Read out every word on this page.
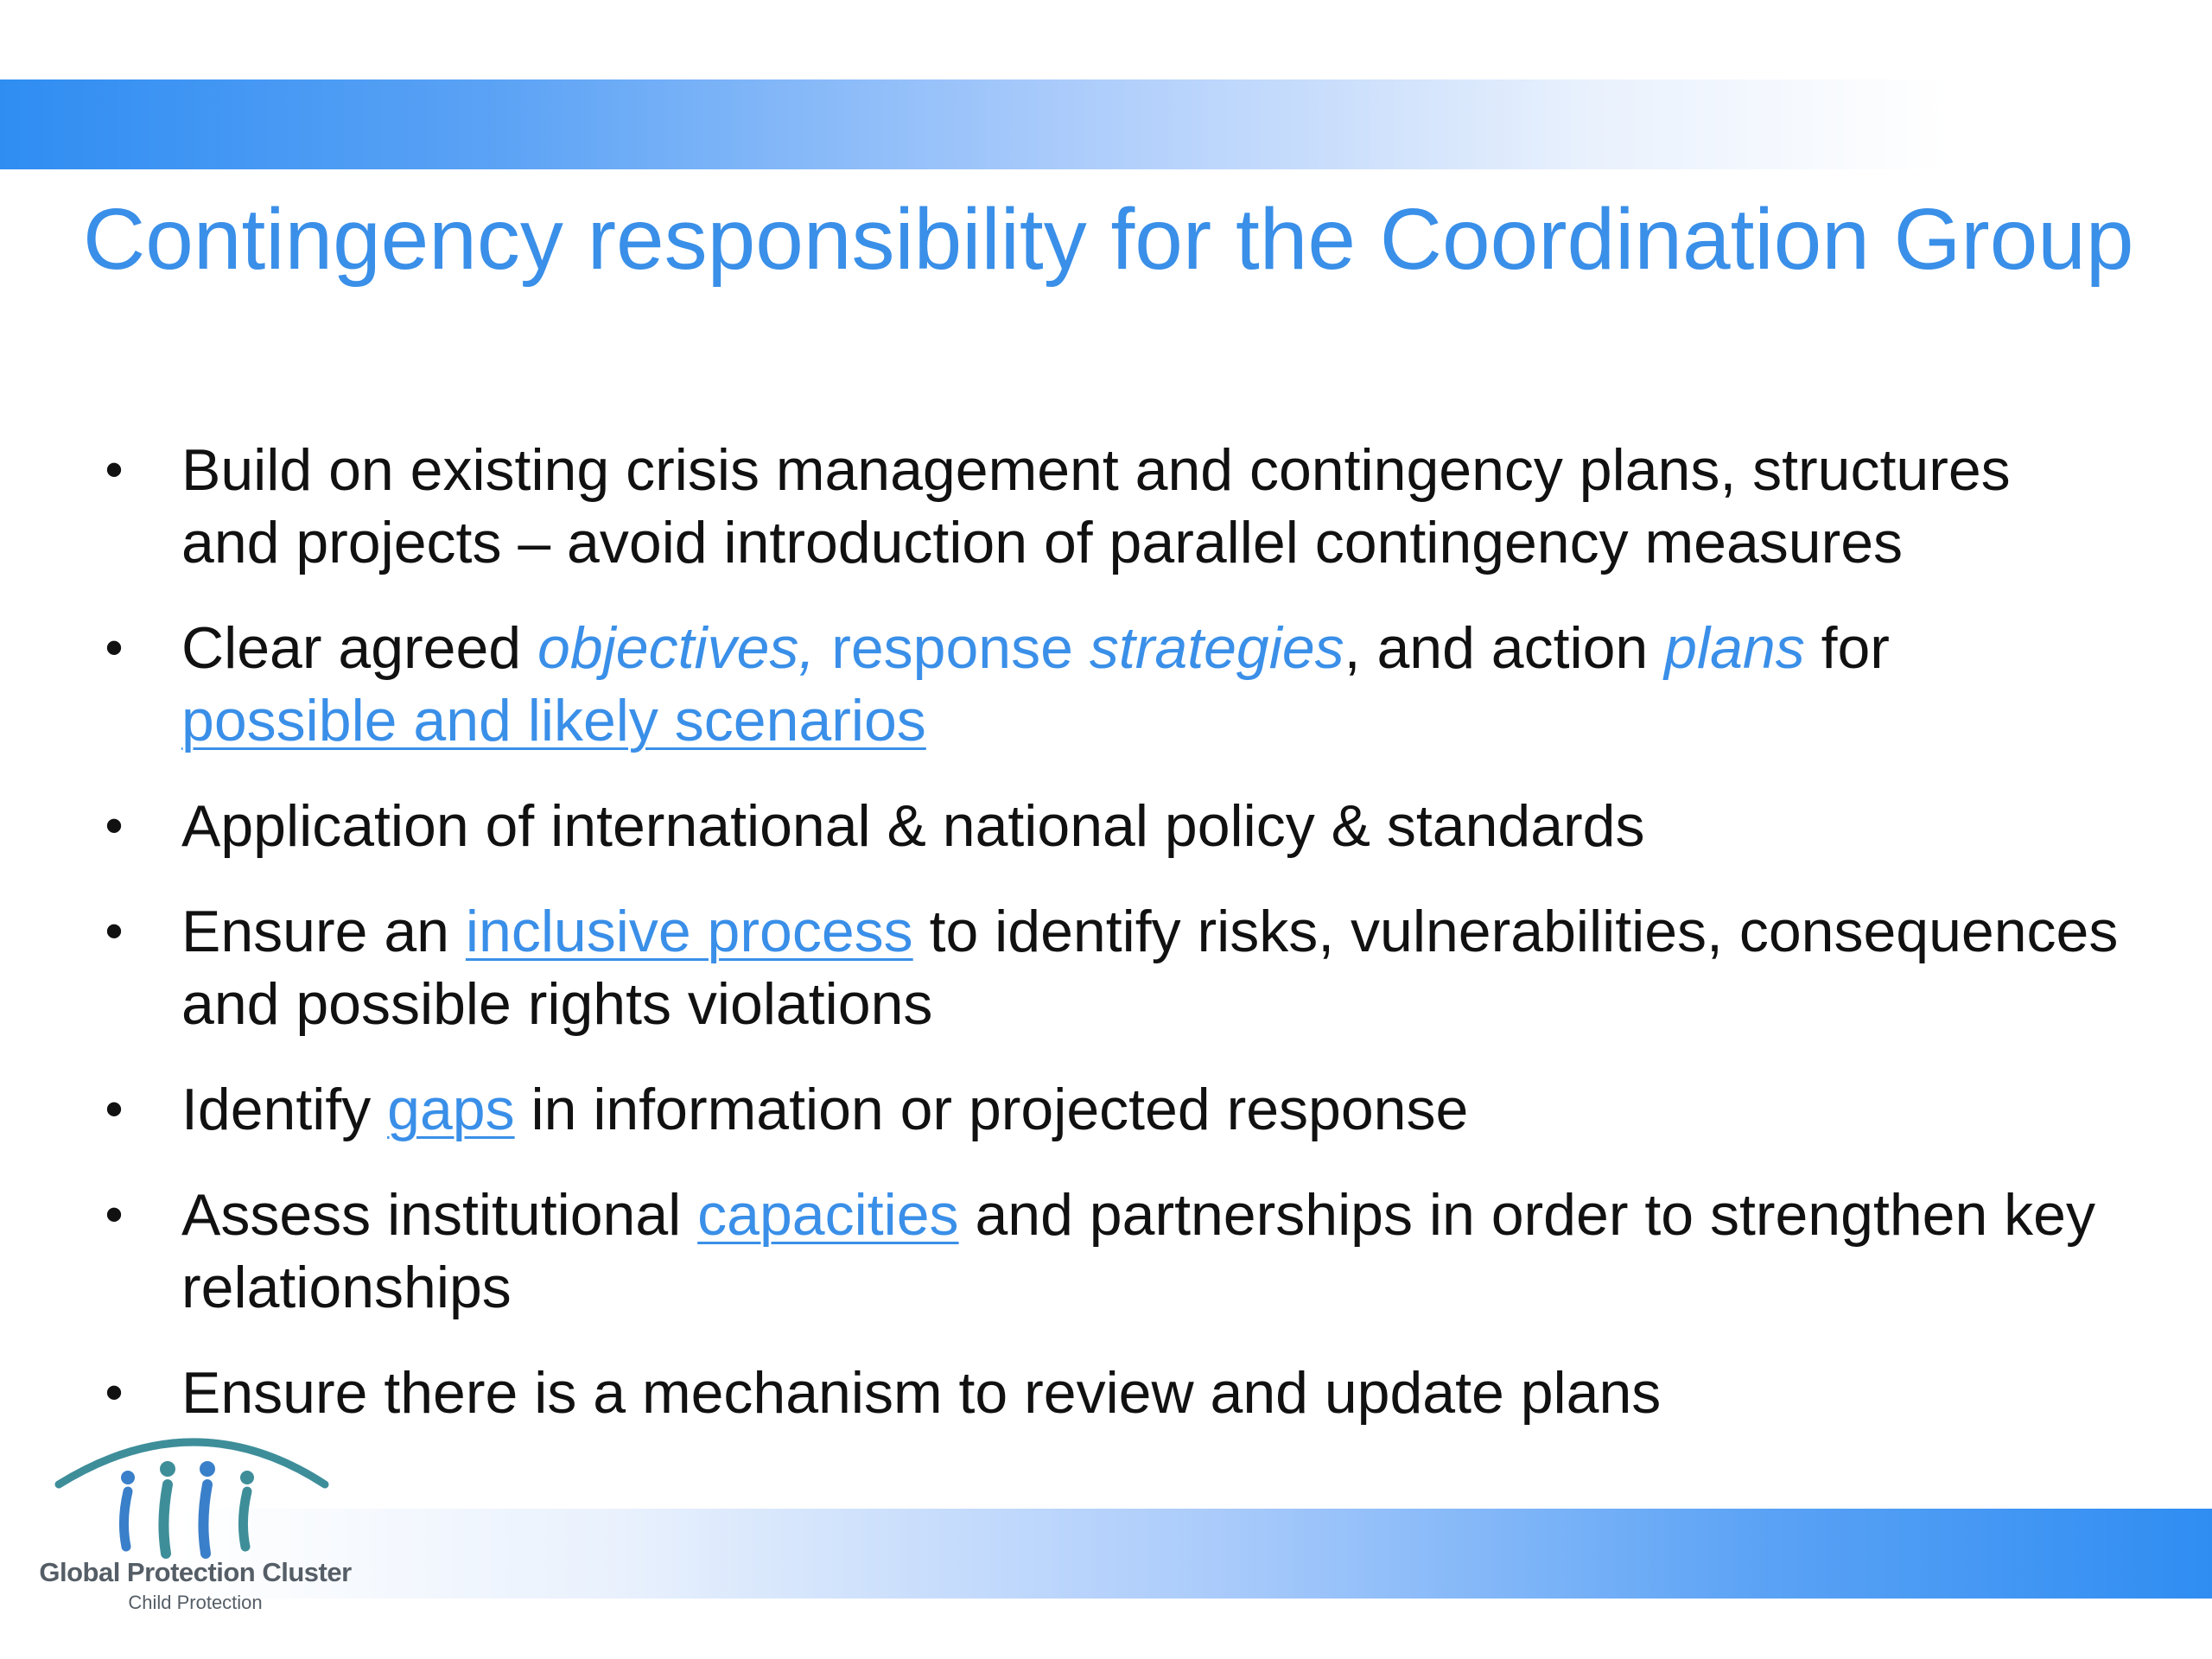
Contingency responsibility for the Coordination Group
• Build on existing crisis management and contingency plans, structures and projects – avoid introduction of parallel contingency measures
• Clear agreed objectives, response strategies, and action plans for possible and likely scenarios
• Application of international & national policy & standards
• Ensure an inclusive process to identify risks, vulnerabilities, consequences and possible rights violations
• Identify gaps in information or projected response
• Assess institutional capacities and partnerships in order to strengthen key relationships
• Ensure there is a mechanism to review and update plans
Global Protection Cluster
Child Protection
